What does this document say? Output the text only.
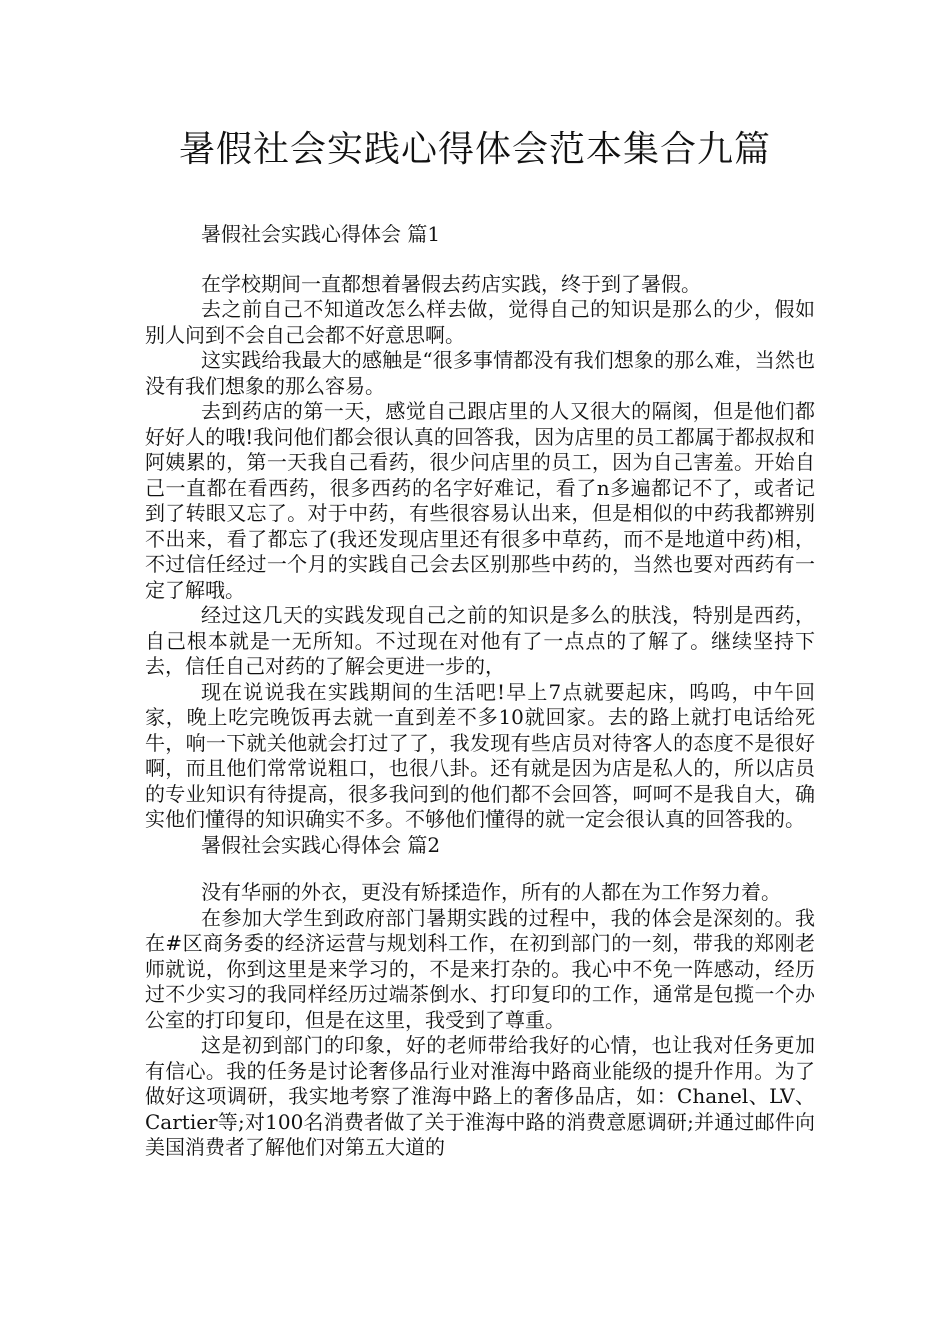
暑假社会实践心得体会范本集合九篇
暑假社会实践心得体会 篇1

在学校期间一直都想着暑假去药店实践，终于到了暑假。

去之前自己不知道改怎么样去做，觉得自己的知识是那么的少，假如别人问到不会自己会都不好意思啊。

这实践给我最大的感触是“很多事情都没有我们想象的那么难，当然也没有我们想象的那么容易。

去到药店的第一天，感觉自己跟店里的人又很大的隔阂，但是他们都好好人的哦!我问他们都会很认真的回答我，因为店里的员工都属于都叔叔和阿姨累的，第一天我自己看药，很少问店里的员工，因为自己害羞。开始自己一直都在看西药，很多西药的名字好难记，看了n多遍都记不了，或者记到了转眼又忘了。对于中药，有些很容易认出来，但是相似的中药我都辨别不出来，看了都忘了(我还发现店里还有很多中草药，而不是地道中药)相，不过信任经过一个月的实践自己会去区别那些中药的，当然也要对西药有一定了解哦。

经过这几天的实践发现自己之前的知识是多么的肤浅，特别是西药，自己根本就是一无所知。不过现在对他有了一点点的了解了。继续坚持下去，信任自己对药的了解会更进一步的，

现在说说我在实践期间的生活吧!早上7点就要起床，呜呜，中午回家，晚上吃完晚饭再去就一直到差不多10就回家。去的路上就打电话给死牛，响一下就关他就会打过了了，我发现有些店员对待客人的态度不是很好啊，而且他们常常说粗口，也很八卦。还有就是因为店是私人的，所以店员的专业知识有待提高，很多我问到的他们都不会回答，呵呵不是我自大，确实他们懂得的知识确实不多。不够他们懂得的就一定会很认真的回答我的。

暑假社会实践心得体会 篇2

没有华丽的外衣，更没有矫揉造作，所有的人都在为工作努力着。

在参加大学生到政府部门暑期实践的过程中，我的体会是深刻的。我在#区商务委的经济运营与规划科工作，在初到部门的一刻，带我的郑刚老师就说，你到这里是来学习的，不是来打杂的。我心中不免一阵感动，经历过不少实习的我同样经历过端茶倒水、打印复印的工作，通常是包揽一个办公室的打印复印，但是在这里，我受到了尊重。

这是初到部门的印象，好的老师带给我好的心情，也让我对任务更加有信心。我的任务是讨论奢侈品行业对淮海中路商业能级的提升作用。为了做好这项调研，我实地考察了淮海中路上的奢侈品店，如：Chanel、LV、Cartier等;对100名消费者做了关于淮海中路的消费意愿调研;并通过邮件向美国消费者了解他们对第五大道的
